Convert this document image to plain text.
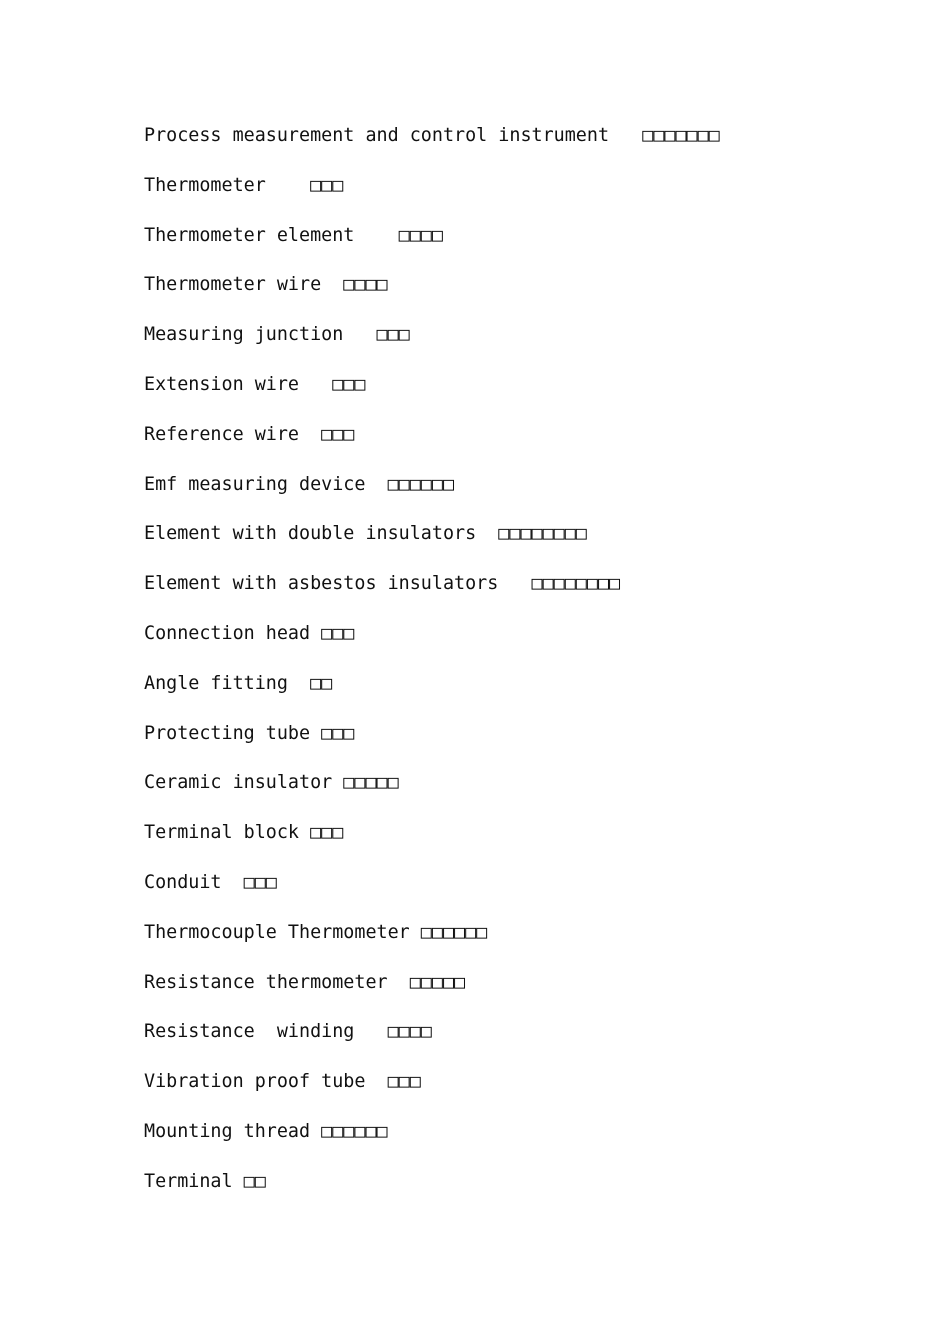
Process measurement and control instrument   □□□□□□□
Thermometer    □□□
Thermometer element    □□□□
Thermometer wire  □□□□
Measuring junction   □□□
Extension wire   □□□
Reference wire  □□□
Emf measuring device  □□□□□□
Element with double insulators  □□□□□□□□
Element with asbestos insulators   □□□□□□□□
Connection head □□□
Angle fitting  □□
Protecting tube □□□
Ceramic insulator □□□□□
Terminal block □□□
Conduit  □□□
Thermocouple Thermometer □□□□□□
Resistance thermometer  □□□□□
Resistance  winding   □□□□
Vibration proof tube  □□□
Mounting thread □□□□□□
Terminal □□
